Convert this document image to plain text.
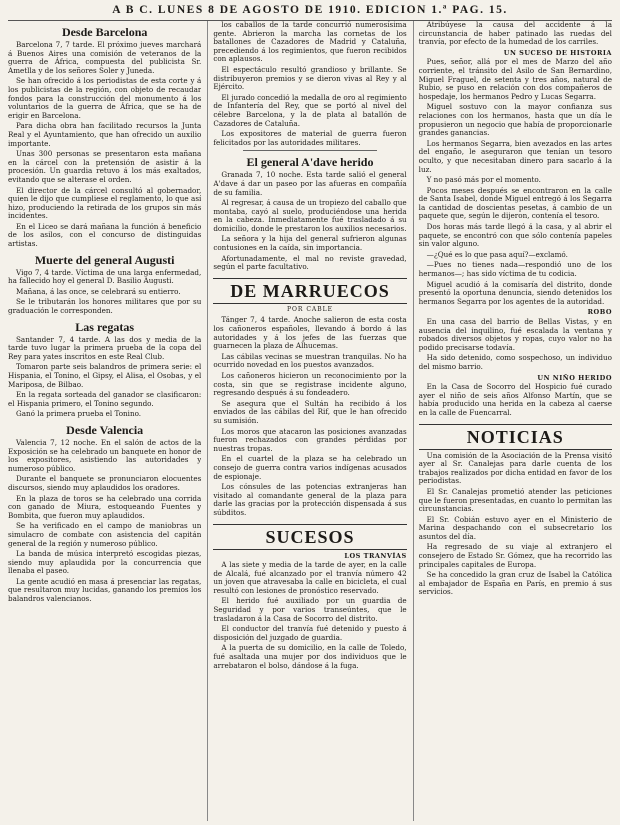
A B C. LUNES 8 DE AGOSTO DE 1910. EDICION 1.ª PAG. 15.
Desde Barcelona

Barcelona 7, 7 tarde. El próximo jueves marchará á Buenos Aires una comisión de veteranos de la guerra de África, compuesta del publicista Sr. Ametlla y de los señores Soler y Juneda.

Se han ofrecido á los periodistas de esta corte y á los publicistas de la región, con objeto de recaudar fondos para la construcción del monumento á los voluntarios de la guerra de África, que se ha de erigir en Barcelona.

Para dicha obra han facilitado recursos la Junta Real y el Ayuntamiento, que han ofrecido un auxilio importante.

Unas 300 personas se presentaron esta mañana en la cárcel con la pretensión de asistir á la procesión. Un guardia retuvo á los más exaltados, evitando que se alterase el orden.

El director de la cárcel consultó al gobernador, quien le dijo que cumpliese el reglamento, lo que así hizo, produciendo la retirada de los grupos sin más incidentes.

En el Liceo se dará mañana la función á beneficio de los asilos, con el concurso de distinguidas artistas.

Muerte del general Augusti

Vigo 7, 4 tarde. Víctima de una larga enfermedad, ha fallecido hoy el general D. Basilio Augusti.

Mañana, á las once, se celebrará su entierro.

Se le tributarán los honores militares que por su graduación le corresponden.

Las regatas

Santander 7, 4 tarde. A las dos y media de la tarde tuvo lugar la primera prueba de la copa del Rey para yates inscritos en este Real Club.

Tomaron parte seis balandros de primera serie: el Hispania, el Tonino, el Gipsy, el Alisa, el Osobas, y el Mariposa, de Bilbao.

En la regata sorteada del ganador se clasificaron: el Hispania primero, el Tonino segundo.

Ganó la primera prueba el Tonino.

Desde Valencia

Valencia 7, 12 noche. En el salón de actos de la Exposición se ha celebrado un banquete en honor de los expositores, asistiendo las autoridades y numeroso público.

Durante el banquete se pronunciaron elocuentes discursos, siendo muy aplaudidos los oradores.

En la plaza de toros se ha celebrado una corrida con ganado de Miura, estoqueando Fuentes y Bombita, que fueron muy aplaudidos.

Se ha verificado en el campo de maniobras un simulacro de combate con asistencia del capitán general de la región y numeroso público.

La banda de música interpretó escogidas piezas, siendo muy aplaudida por la concurrencia que llenaba el paseo.

La gente acudió en masa á presenciar las regatas, que resultaron muy lucidas, ganando los premios los balandros valencianos.

los caballos de la tarde concurrió numerosísima gente. Abrieron la marcha las cornetas de los batallones de Cazadores de Madrid y Cataluña, precediendo á los regimientos, que fueron recibidos con aplausos.

El espectáculo resultó grandioso y brillante. Se distribuyeron premios y se dieron vivas al Rey y al Ejército.

El jurado concedió la medalla de oro al regimiento de Infantería del Rey, que se portó al nivel del célebre Barcelona, y la de plata al batallón de Cazadores de Cataluña.

Los expositores de material de guerra fueron felicitados por las autoridades militares.

El general A'dave herido

Granada 7, 10 noche. Esta tarde salió el general A'dave á dar un paseo por las afueras en compañía de su familia.

Al regresar, á causa de un tropiezo del caballo que montaba, cayó al suelo, produciéndose una herida en la cabeza. Inmediatamente fué trasladado á su domicilio, donde le prestaron los auxilios necesarios.

La señora y la hija del general sufrieron algunas contusiones en la caída, sin importancia.

Afortunadamente, el mal no reviste gravedad, según el parte facultativo.

DE MARRUECOS
POR CABLE

Tánger 7, 4 tarde. Anoche salieron de esta costa los cañoneros españoles, llevando á bordo á las autoridades y á los jefes de las fuerzas que guarnecen la plaza de Alhucemas.

Las cábilas vecinas se muestran tranquilas. No ha ocurrido novedad en los puestos avanzados.

Los cañoneros hicieron un reconocimiento por la costa, sin que se registrase incidente alguno, regresando después á su fondeadero.

Se asegura que el Sultán ha recibido á los enviados de las cábilas del Rif, que le han ofrecido su sumisión.

Los moros que atacaron las posiciones avanzadas fueron rechazados con grandes pérdidas por nuestras tropas.

En el cuartel de la plaza se ha celebrado un consejo de guerra contra varios indígenas acusados de espionaje.

Los cónsules de las potencias extranjeras han visitado al comandante general de la plaza para darle las gracias por la protección dispensada á sus súbditos.

SUCESOS
LOS TRANVÍAS

A las siete y media de la tarde de ayer, en la calle de Alcalá, fué alcanzado por el tranvía número 42 un joven que atravesaba la calle en bicicleta, el cual resultó con lesiones de pronóstico reservado.

El herido fué auxiliado por un guardia de Seguridad y por varios transeúntes, que le trasladaron á la Casa de Socorro del distrito.

El conductor del tranvía fué detenido y puesto á disposición del juzgado de guardia.

A la puerta de su domicilio, en la calle de Toledo, fué asaltada una mujer por dos individuos que le arrebataron el bolso, dándose á la fuga.

Atribúyese la causa del accidente á la circunstancia de haber patinado las ruedas del tranvía, por efecto de la humedad de los carriles.

UN SUCESO DE HISTORIA

Pues, señor, allá por el mes de Marzo del año corriente, el tránsito del Asilo de San Bernardino, Miguel Fraguel, de setenta y tres años, natural de Rubio, se puso en relación con dos compañeros de hospedaje, los hermanos Pedro y Lucas Segarra.

Miguel sostuvo con la mayor confianza sus relaciones con los hermanos, hasta que un día le propusieron un negocio que había de proporcionarle grandes ganancias.

Los hermanos Segarra, bien avezados en las artes del engaño, le aseguraron que tenían un tesoro oculto, y que necesitaban dinero para sacarlo á la luz.

Y no pasó más por el momento.

Pocos meses después se encontraron en la calle de Santa Isabel, donde Miguel entregó á los Segarra la cantidad de doscientas pesetas, á cambio de un paquete que, según le dijeron, contenía el tesoro.

Dos horas más tarde llegó á la casa, y al abrir el paquete, se encontró con que sólo contenía papeles sin valor alguno.

—¿Qué es lo que pasa aquí?—exclamó.

—Pues no tienes nada—respondió uno de los hermanos—; has sido víctima de tu codicia.

Miguel acudió á la comisaría del distrito, donde presentó la oportuna denuncia, siendo detenidos los hermanos Segarra por los agentes de la autoridad.

ROBO

En una casa del barrio de Bellas Vistas, y en ausencia del inquilino, fué escalada la ventana y robados diversos objetos y ropas, cuyo valor no ha podido precisarse todavía.

Ha sido detenido, como sospechoso, un individuo del mismo barrio.

UN NIÑO HERIDO

En la Casa de Socorro del Hospicio fué curado ayer el niño de seis años Alfonso Martín, que se había producido una herida en la cabeza al caerse en la calle de Fuencarral.

NOTICIAS

Una comisión de la Asociación de la Prensa visitó ayer al Sr. Canalejas para darle cuenta de los trabajos realizados por dicha entidad en favor de los periodistas.

El Sr. Canalejas prometió atender las peticiones que le fueron presentadas, en cuanto lo permitan las circunstancias.

El Sr. Cobián estuvo ayer en el Ministerio de Marina despachando con el subsecretario los asuntos del día.

Ha regresado de su viaje al extranjero el consejero de Estado Sr. Gómez, que ha recorrido las principales capitales de Europa.

Se ha concedido la gran cruz de Isabel la Católica al embajador de España en París, en premio á sus servicios.
